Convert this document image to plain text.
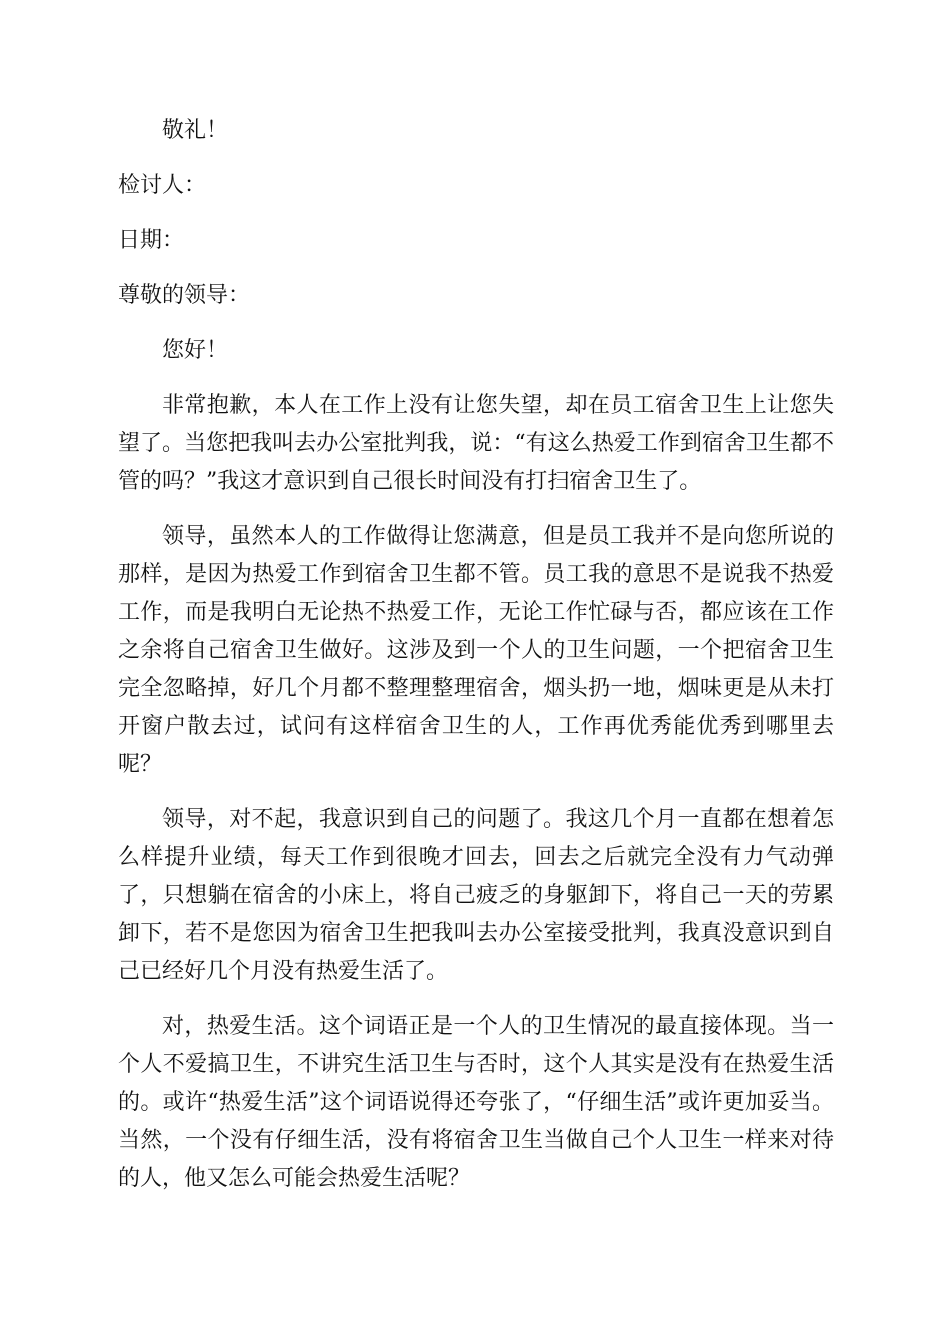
敬礼！

检讨人：

日期：

尊敬的领导：

您好！

非常抱歉，本人在工作上没有让您失望，却在员工宿舍卫生上让您失望了。当您把我叫去办公室批判我，说：“有这么热爱工作到宿舍卫生都不管的吗？”我这才意识到自己很长时间没有打扫宿舍卫生了。

领导，虽然本人的工作做得让您满意，但是员工我并不是向您所说的那样，是因为热爱工作到宿舍卫生都不管。员工我的意思不是说我不热爱工作，而是我明白无论热不热爱工作，无论工作忙碌与否，都应该在工作之余将自己宿舍卫生做好。这涉及到一个人的卫生问题，一个把宿舍卫生完全忽略掉，好几个月都不整理整理宿舍，烟头扔一地，烟味更是从未打开窗户散去过，试问有这样宿舍卫生的人，工作再优秀能优秀到哪里去呢？

领导，对不起，我意识到自己的问题了。我这几个月一直都在想着怎么样提升业绩，每天工作到很晚才回去，回去之后就完全没有力气动弹了，只想躺在宿舍的小床上，将自己疲乏的身躯卸下，将自己一天的劳累卸下，若不是您因为宿舍卫生把我叫去办公室接受批判，我真没意识到自己已经好几个月没有热爱生活了。

对，热爱生活。这个词语正是一个人的卫生情况的最直接体现。当一个人不爱搞卫生，不讲究生活卫生与否时，这个人其实是没有在热爱生活的。或许“热爱生活”这个词语说得还夸张了，“仔细生活”或许更加妥当。当然，一个没有仔细生活，没有将宿舍卫生当做自己个人卫生一样来对待的人，他又怎么可能会热爱生活呢？
